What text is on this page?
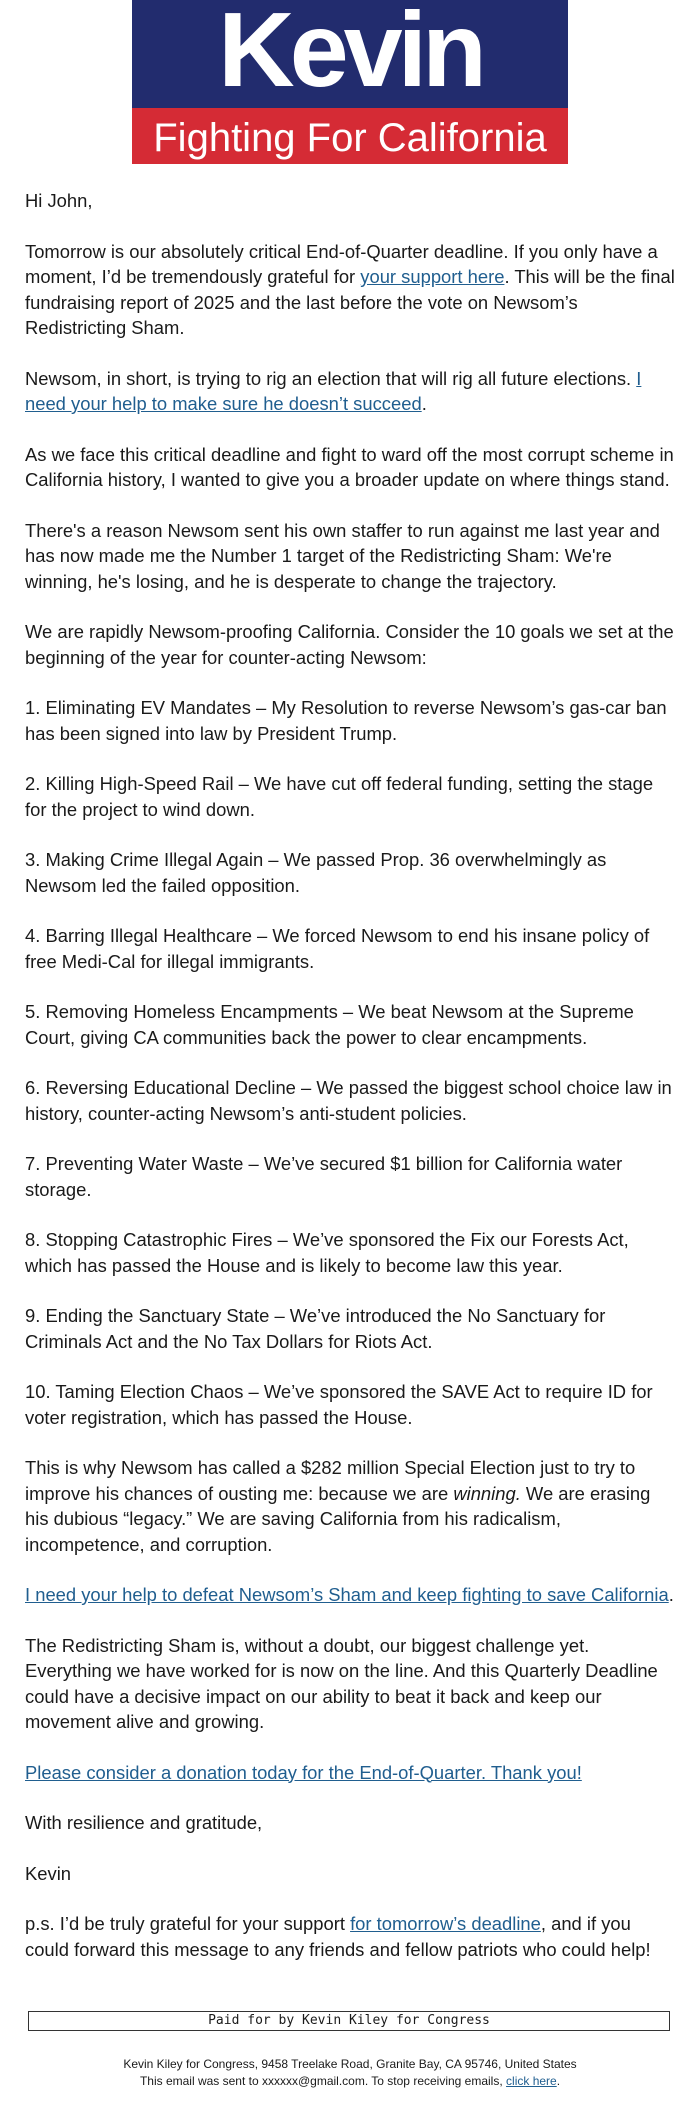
Kevin
Fighting For California

Hi John,

Tomorrow is our absolutely critical End-of-Quarter deadline. If you only have a moment, I’d be tremendously grateful for your support here. This will be the final fundraising report of 2025 and the last before the vote on Newsom’s Redistricting Sham.

Newsom, in short, is trying to rig an election that will rig all future elections. I need your help to make sure he doesn’t succeed.

As we face this critical deadline and fight to ward off the most corrupt scheme in California history, I wanted to give you a broader update on where things stand.

There's a reason Newsom sent his own staffer to run against me last year and has now made me the Number 1 target of the Redistricting Sham: We're winning, he's losing, and he is desperate to change the trajectory.

We are rapidly Newsom-proofing California. Consider the 10 goals we set at the beginning of the year for counter-acting Newsom:

1. Eliminating EV Mandates – My Resolution to reverse Newsom’s gas-car ban has been signed into law by President Trump.

2. Killing High-Speed Rail – We have cut off federal funding, setting the stage for the project to wind down.

3. Making Crime Illegal Again – We passed Prop. 36 overwhelmingly as Newsom led the failed opposition.

4. Barring Illegal Healthcare – We forced Newsom to end his insane policy of free Medi-Cal for illegal immigrants.

5. Removing Homeless Encampments – We beat Newsom at the Supreme Court, giving CA communities back the power to clear encampments.

6. Reversing Educational Decline – We passed the biggest school choice law in history, counter-acting Newsom’s anti-student policies.

7. Preventing Water Waste – We’ve secured $1 billion for California water storage.

8. Stopping Catastrophic Fires – We’ve sponsored the Fix our Forests Act, which has passed the House and is likely to become law this year.

9. Ending the Sanctuary State – We’ve introduced the No Sanctuary for Criminals Act and the No Tax Dollars for Riots Act.

10. Taming Election Chaos – We’ve sponsored the SAVE Act to require ID for voter registration, which has passed the House.

This is why Newsom has called a $282 million Special Election just to try to improve his chances of ousting me: because we are winning. We are erasing his dubious “legacy.” We are saving California from his radicalism, incompetence, and corruption.

I need your help to defeat Newsom’s Sham and keep fighting to save California.

The Redistricting Sham is, without a doubt, our biggest challenge yet. Everything we have worked for is now on the line. And this Quarterly Deadline could have a decisive impact on our ability to beat it back and keep our movement alive and growing.

Please consider a donation today for the End-of-Quarter. Thank you!

With resilience and gratitude,

Kevin

p.s. I’d be truly grateful for your support for tomorrow’s deadline, and if you could forward this message to any friends and fellow patriots who could help!

Paid for by Kevin Kiley for Congress
Kevin Kiley for Congress, 9458 Treelake Road, Granite Bay, CA 95746, United States
This email was sent to xxxxxx@gmail.com. To stop receiving emails, click here.
